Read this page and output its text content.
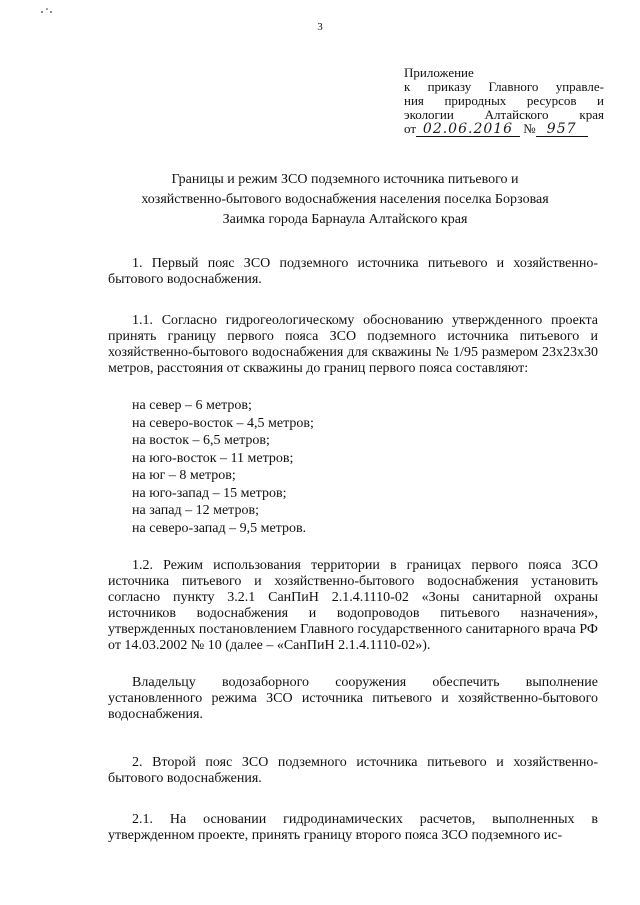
3
Приложение
к приказу Главного управле-
ния природных ресурсов и
экологии Алтайского края
от 02.06.2016 № 957
Границы и режим ЗСО подземного источника питьевого и хозяйственно-бытового водоснабжения населения поселка Борзовая Заимка города Барнаула Алтайского края
1. Первый пояс ЗСО подземного источника питьевого и хозяйственно-бытового водоснабжения.
1.1. Согласно гидрогеологическому обоснованию утвержденного проекта принять границу первого пояса ЗСО подземного источника питьевого и хозяйственно-бытового водоснабжения для скважины № 1/95 размером 23х23х30 метров, расстояния от скважины до границ первого пояса составляют:
на север – 6 метров;
на северо-восток – 4,5 метров;
на восток – 6,5 метров;
на юго-восток – 11 метров;
на юг – 8 метров;
на юго-запад – 15 метров;
на запад – 12 метров;
на северо-запад – 9,5 метров.
1.2. Режим использования территории в границах первого пояса ЗСО источника питьевого и хозяйственно-бытового водоснабжения установить согласно пункту 3.2.1 СанПиН 2.1.4.1110-02 «Зоны санитарной охраны источников водоснабжения и водопроводов питьевого назначения», утвержденных постановлением Главного государственного санитарного врача РФ от 14.03.2002 № 10 (далее – «СанПиН 2.1.4.1110-02»).
Владельцу водозаборного сооружения обеспечить выполнение установленного режима ЗСО источника питьевого и хозяйственно-бытового водоснабжения.
2. Второй пояс ЗСО подземного источника питьевого и хозяйственно-бытового водоснабжения.
2.1. На основании гидродинамических расчетов, выполненных в утвержденном проекте, принять границу второго пояса ЗСО подземного ис-
